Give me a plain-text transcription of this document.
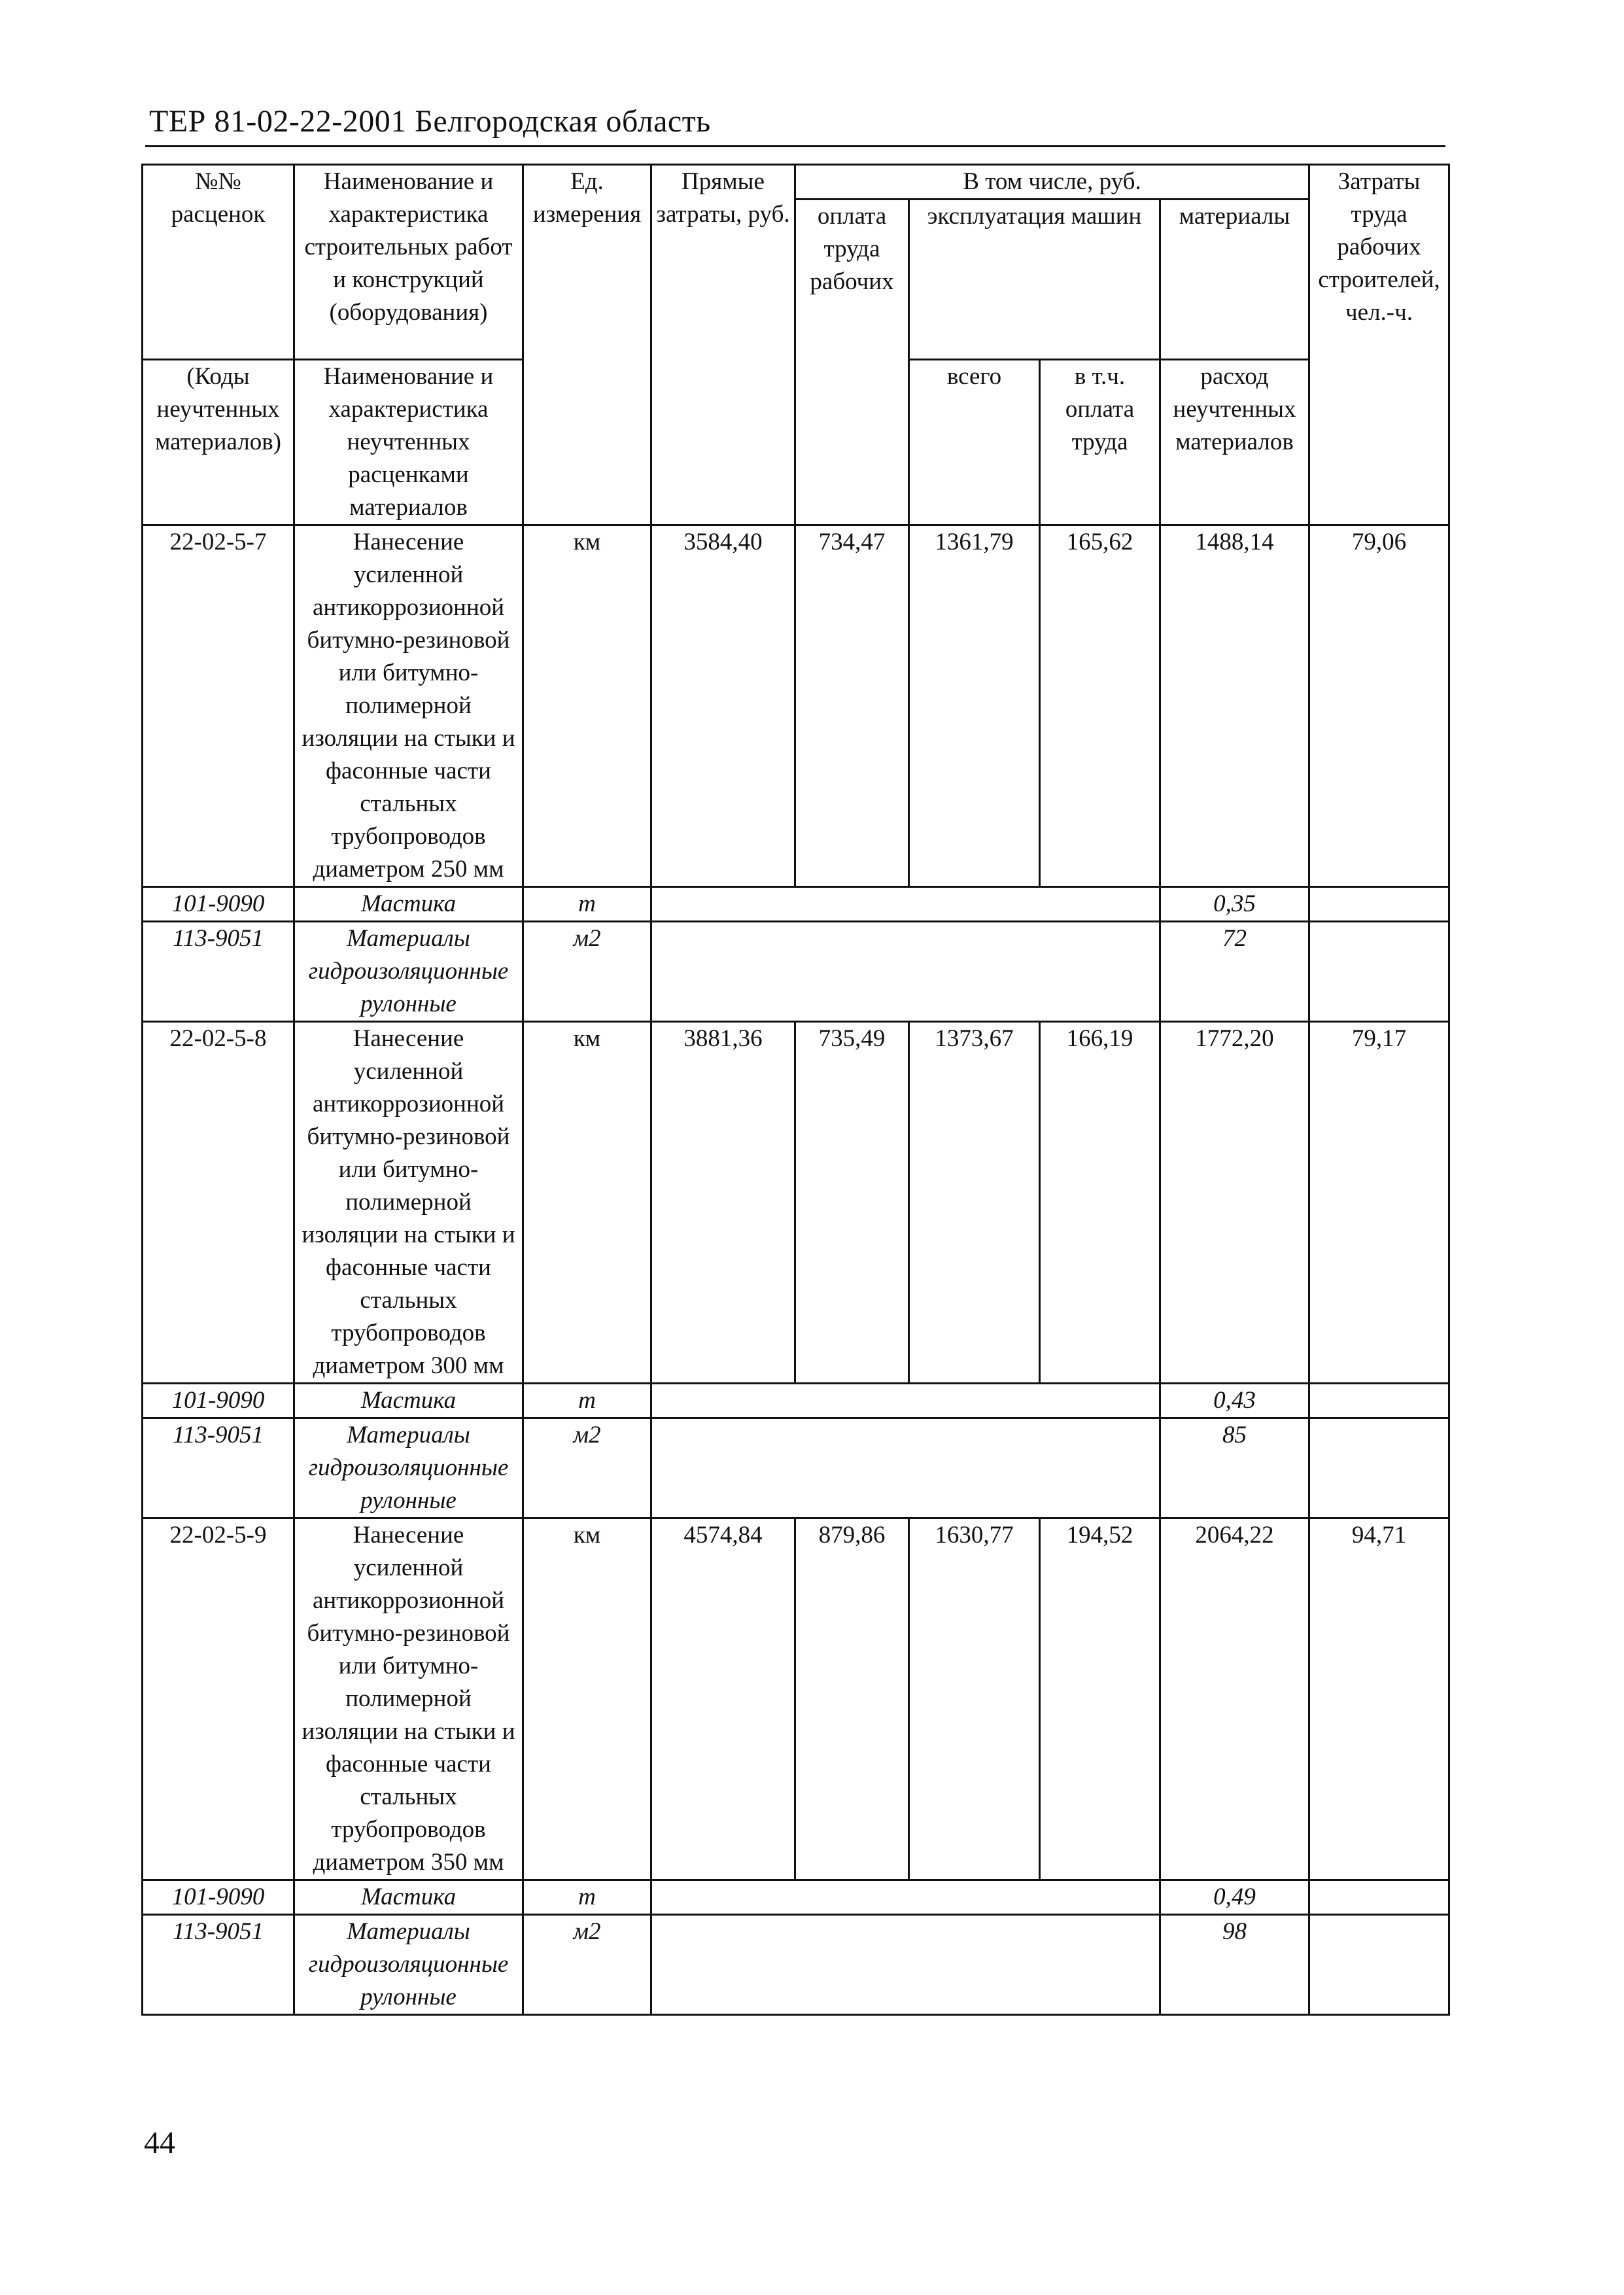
ТЕР 81-02-22-2001 Белгородская область
№№ расценок	Наименование и характеристика строительных работ и конструкций (оборудования)	Ед. измерения	Прямые затраты, руб.	В том числе, руб.				Затраты труда рабочих строителей, чел.-ч.
				оплата труда рабочих	эксплуатация машин		материалы	
(Коды неучтенных материалов)	Наименование и характеристика неучтенных расценками материалов				всего	в т.ч. оплата труда	расход неучтенных материалов	
22-02-5-7	Нанесение усиленной антикоррозионной битумно-резиновой или битумно-полимерной изоляции на стыки и фасонные части стальных трубопроводов диаметром 250 мм	км	3584,40	734,47	1361,79	165,62	1488,14	79,06
101-9090	Мастика	т					0,35	
113-9051	Материалы гидроизоляционные рулонные	м2					72	
22-02-5-8	Нанесение усиленной антикоррозионной битумно-резиновой или битумно-полимерной изоляции на стыки и фасонные части стальных трубопроводов диаметром 300 мм	км	3881,36	735,49	1373,67	166,19	1772,20	79,17
101-9090	Мастика	т					0,43	
113-9051	Материалы гидроизоляционные рулонные	м2					85	
22-02-5-9	Нанесение усиленной антикоррозионной битумно-резиновой или битумно-полимерной изоляции на стыки и фасонные части стальных трубопроводов диаметром 350 мм	км	4574,84	879,86	1630,77	194,52	2064,22	94,71
101-9090	Мастика	т					0,49	
113-9051	Материалы гидроизоляционные рулонные	м2					98	
44
